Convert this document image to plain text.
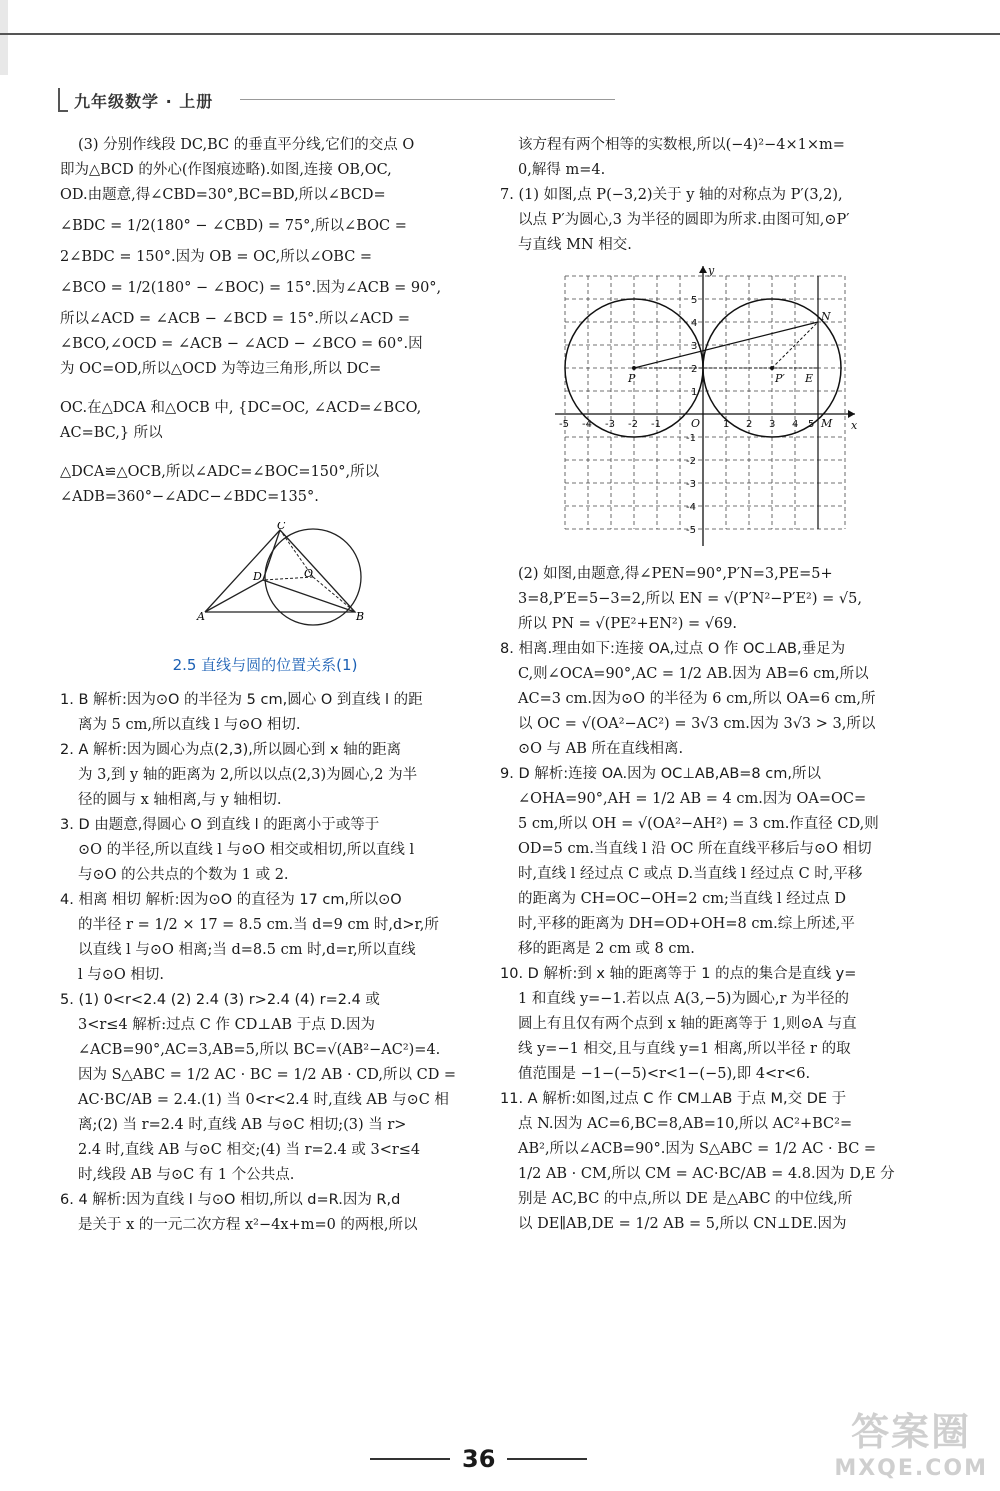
九年级数学 · 上册

(3) 分别作线段 DC,BC 的垂直平分线,它们的交点 O

即为△BCD 的外心(作图痕迹略).如图,连接 OB,OC,

OD.由题意,得∠CBD=30°,BC=BD,所以∠BCD=

∠BDC = 1/2(180° − ∠CBD) = 75°,所以∠BOC =

2∠BDC = 150°.因为 OB = OC,所以∠OBC =

∠BCO = 1/2(180° − ∠BOC) = 15°.因为∠ACB = 90°,

所以∠ACD = ∠ACB − ∠BCD = 15°.所以∠ACD =

∠BCO,∠OCD = ∠ACB − ∠ACD − ∠BCO = 60°.因

为 OC=OD,所以△OCD 为等边三角形,所以 DC=

OC.在△DCA 和△OCB 中, {DC=OC, ∠ACD=∠BCO, AC=BC,} 所以

△DCA≌△OCB,所以∠ADC=∠BOC=150°,所以

∠ADB=360°−∠ADC−∠BDC=135°.

C
D	O
A	B
2.5 直线与圆的位置关系(1)

1. B 解析:因为⊙O 的半径为 5 cm,圆心 O 到直线 l 的距

离为 5 cm,所以直线 l 与⊙O 相切.

2. A 解析:因为圆心为点(2,3),所以圆心到 x 轴的距离

为 3,到 y 轴的距离为 2,所以以点(2,3)为圆心,2 为半

径的圆与 x 轴相离,与 y 轴相切.

3. D 由题意,得圆心 O 到直线 l 的距离小于或等于

⊙O 的半径,所以直线 l 与⊙O 相交或相切,所以直线 l

与⊙O 的公共点的个数为 1 或 2.

4. 相离 相切 解析:因为⊙O 的直径为 17 cm,所以⊙O

的半径 r = 1/2 × 17 = 8.5 cm.当 d=9 cm 时,d>r,所

以直线 l 与⊙O 相离;当 d=8.5 cm 时,d=r,所以直线

l 与⊙O 相切.

5. (1) 0<r<2.4 (2) 2.4 (3) r>2.4 (4) r=2.4 或

3<r≤4 解析:过点 C 作 CD⊥AB 于点 D.因为

∠ACB=90°,AC=3,AB=5,所以 BC=√(AB²−AC²)=4.

因为 S△ABC = 1/2 AC · BC = 1/2 AB · CD,所以 CD =

AC·BC/AB = 2.4.(1) 当 0<r<2.4 时,直线 AB 与⊙C 相

离;(2) 当 r=2.4 时,直线 AB 与⊙C 相切;(3) 当 r>

2.4 时,直线 AB 与⊙C 相交;(4) 当 r=2.4 或 3<r≤4

时,线段 AB 与⊙C 有 1 个公共点.

6. 4 解析:因为直线 l 与⊙O 相切,所以 d=R.因为 R,d

是关于 x 的一元二次方程 x²−4x+m=0 的两根,所以

该方程有两个相等的实数根,所以(−4)²−4×1×m=

0,解得 m=4.

7. (1) 如图,点 P(−3,2)关于 y 轴的对称点为 P′(3,2),

以点 P′为圆心,3 为半径的圆即为所求.由图可知,⊙P′

与直线 MN 相交.

y
x
O
P	P′ E
N
M
-5 -4 -3 -2 -1	1 2 3 4 5
5
4
3
2
1
-1
-2
-3
-4
-5

(2) 如图,由题意,得∠PEN=90°,P′N=3,PE=5+

3=8,P′E=5−3=2,所以 EN = √(P′N²−P′E²) = √5,

所以 PN = √(PE²+EN²) = √69.

8. 相离.理由如下:连接 OA,过点 O 作 OC⊥AB,垂足为

C,则∠OCA=90°,AC = 1/2 AB.因为 AB=6 cm,所以

AC=3 cm.因为⊙O 的半径为 6 cm,所以 OA=6 cm,所

以 OC = √(OA²−AC²) = 3√3 cm.因为 3√3 > 3,所以

⊙O 与 AB 所在直线相离.

9. D 解析:连接 OA.因为 OC⊥AB,AB=8 cm,所以

∠OHA=90°,AH = 1/2 AB = 4 cm.因为 OA=OC=

5 cm,所以 OH = √(OA²−AH²) = 3 cm.作直径 CD,则

OD=5 cm.当直线 l 沿 OC 所在直线平移后与⊙O 相切

时,直线 l 经过点 C 或点 D.当直线 l 经过点 C 时,平移

的距离为 CH=OC−OH=2 cm;当直线 l 经过点 D

时,平移的距离为 DH=OD+OH=8 cm.综上所述,平

移的距离是 2 cm 或 8 cm.

10. D 解析:到 x 轴的距离等于 1 的点的集合是直线 y=

1 和直线 y=−1.若以点 A(3,−5)为圆心,r 为半径的

圆上有且仅有两个点到 x 轴的距离等于 1,则⊙A 与直

线 y=−1 相交,且与直线 y=1 相离,所以半径 r 的取

值范围是 −1−(−5)<r<1−(−5),即 4<r<6.

11. A 解析:如图,过点 C 作 CM⊥AB 于点 M,交 DE 于

点 N.因为 AC=6,BC=8,AB=10,所以 AC²+BC²=

AB²,所以∠ACB=90°.因为 S△ABC = 1/2 AC · BC =

1/2 AB · CM,所以 CM = AC·BC/AB = 4.8.因为 D,E 分

别是 AC,BC 的中点,所以 DE 是△ABC 的中位线,所

以 DE∥AB,DE = 1/2 AB = 5,所以 CN⊥DE.因为

36
答案圈
MXQE.COM
